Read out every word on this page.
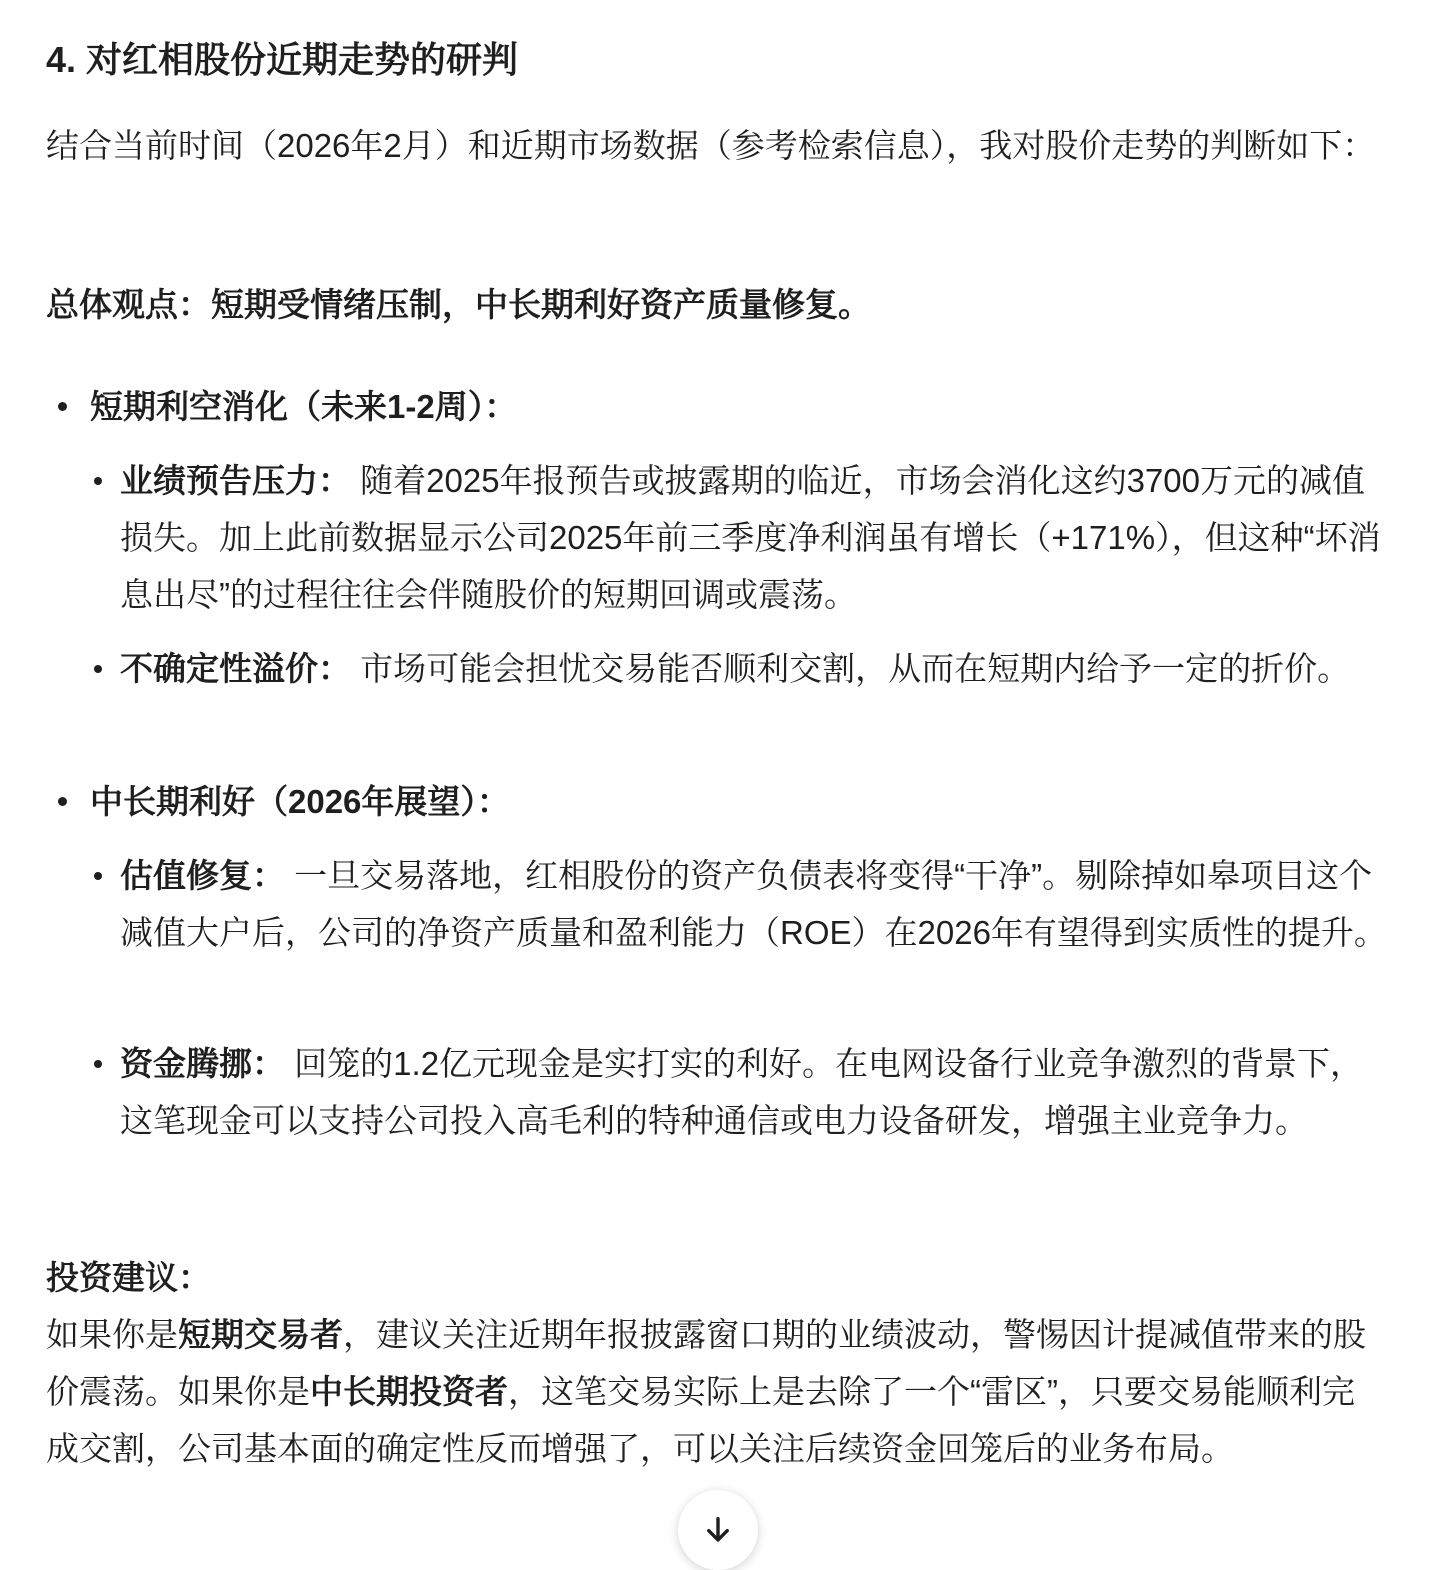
4. 对红相股份近期走势的研判

结合当前时间（2026年2月）和近期市场数据（参考检索信息），我对股价走势的判断如下：

总体观点：短期受情绪压制，中长期利好资产质量修复。

短期利空消化（未来1-2周）：
业绩预告压力： 随着2025年报预告或披露期的临近，市场会消化这约3700万元的减值损失。加上此前数据显示公司2025年前三季度净利润虽有增长（+171%），但这种“坏消息出尽”的过程往往会伴随股价的短期回调或震荡。
不确定性溢价： 市场可能会担忧交易能否顺利交割，从而在短期内给予一定的折价。
中长期利好（2026年展望）：
估值修复： 一旦交易落地，红相股份的资产负债表将变得“干净”。剔除掉如皋项目这个减值大户后，公司的净资产质量和盈利能力（ROE）在2026年有望得到实质性的提升。
资金腾挪： 回笼的1.2亿元现金是实打实的利好。在电网设备行业竞争激烈的背景下，这笔现金可以支持公司投入高毛利的特种通信或电力设备研发，增强主业竞争力。

投资建议：

如果你是短期交易者，建议关注近期年报披露窗口期的业绩波动，警惕因计提减值带来的股价震荡。如果你是中长期投资者，这笔交易实际上是去除了一个“雷区”，只要交易能顺利完成交割，公司基本面的确定性反而增强了，可以关注后续资金回笼后的业务布局。
